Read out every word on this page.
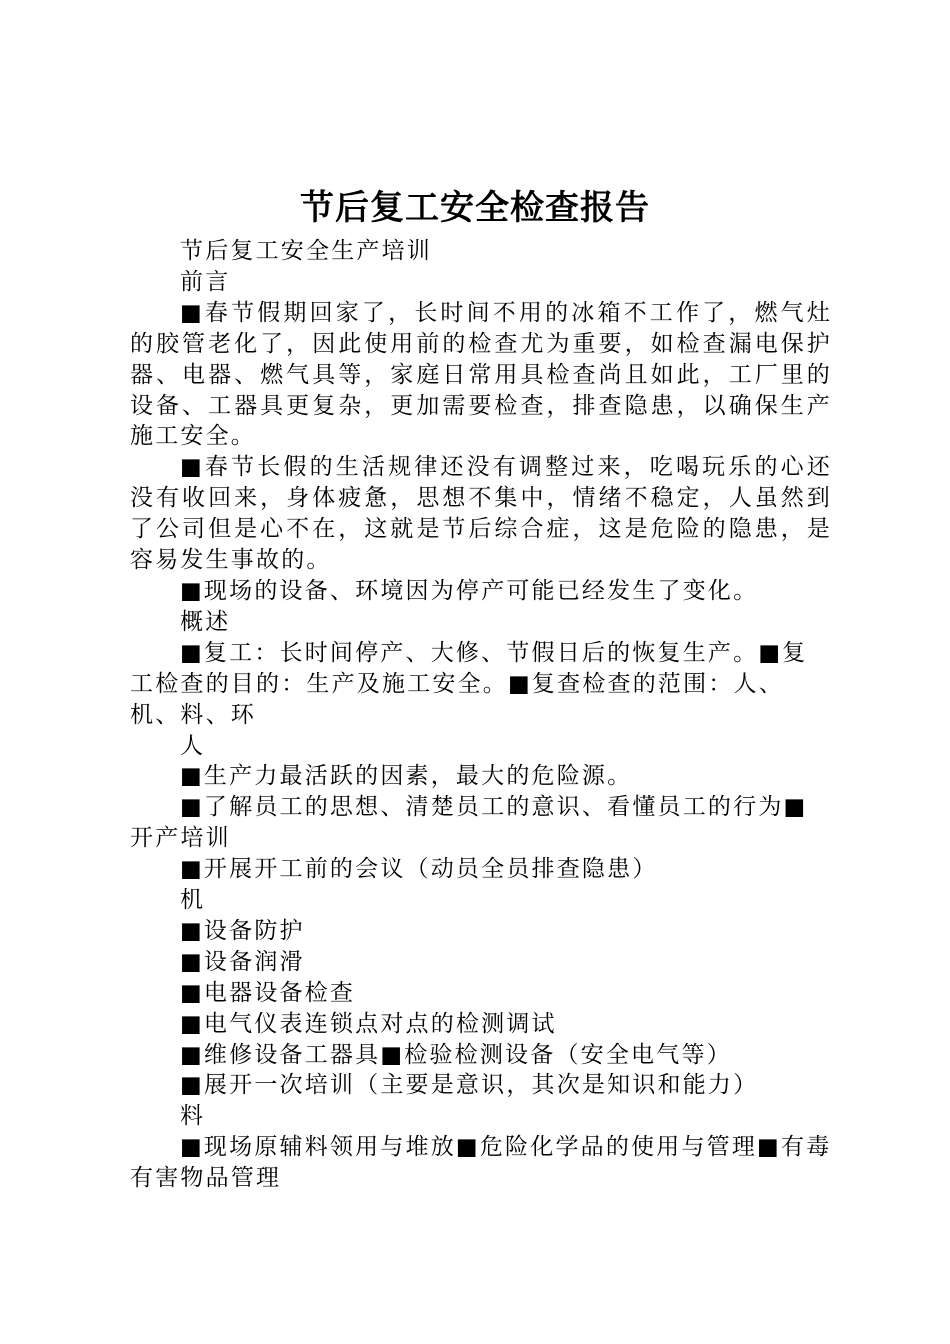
节后复工安全检查报告

节后复工安全生产培训

前言

■春节假期回家了，长时间不用的冰箱不工作了，燃气灶的胶管老化了，因此使用前的检查尤为重要，如检查漏电保护器、电器、燃气具等，家庭日常用具检查尚且如此，工厂里的设备、工器具更复杂，更加需要检查，排查隐患，以确保生产施工安全。

■春节长假的生活规律还没有调整过来，吃喝玩乐的心还没有收回来，身体疲惫，思想不集中，情绪不稳定，人虽然到了公司但是心不在，这就是节后综合症，这是危险的隐患，是容易发生事故的。

■现场的设备、环境因为停产可能已经发生了变化。

概述

■复工：长时间停产、大修、节假日后的恢复生产。■复工检查的目的：生产及施工安全。■复查检查的范围：人、机、料、环

人

■生产力最活跃的因素，最大的危险源。

■了解员工的思想、清楚员工的意识、看懂员工的行为■开产培训

■开展开工前的会议（动员全员排查隐患）

机

■设备防护

■设备润滑

■电器设备检查

■电气仪表连锁点对点的检测调试

■维修设备工器具■检验检测设备（安全电气等）

■展开一次培训（主要是意识，其次是知识和能力）

料

■现场原辅料领用与堆放■危险化学品的使用与管理■有毒有害物品管理
